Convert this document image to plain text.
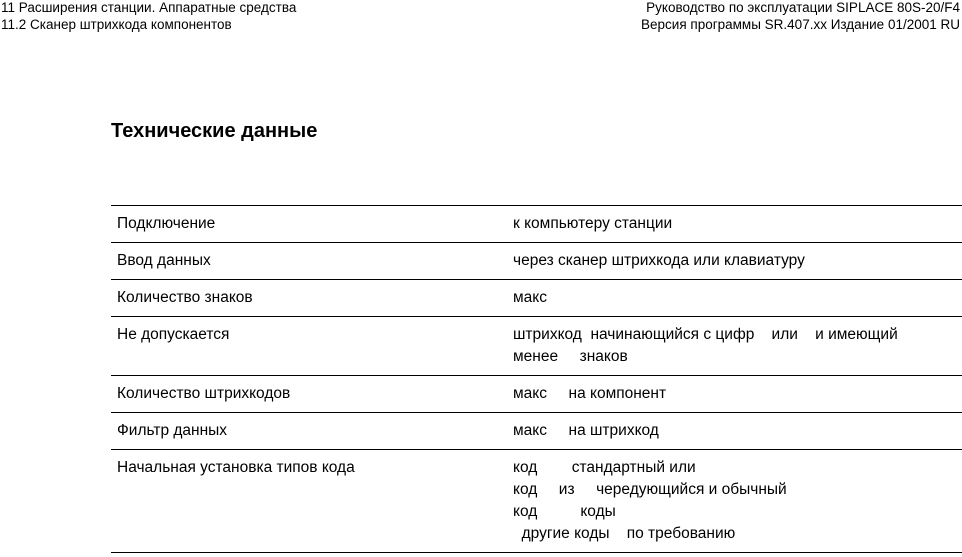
11 Расширения станции. Аппаратные средства
11.2 Сканер штрихкода компонентов
Руководство по эксплуатации SIPLACE 80S-20/F4
Версия программы SR.407.xx Издание 01/2001 RU
Технические данные
Подключение	к компьютеру станции
Ввод данных	через сканер штрихкода или клавиатуру
Количество знаков	макс
Не допускается	штрихкод  начинающийся с цифр    или    и имеющий
менее     знаков
Количество штрихкодов	макс     на компонент
Фильтр данных	макс     на штрихкод
Начальная установка типов кода	код        стандартный или
код     из     чередующийся и обычный
код          коды
другие коды    по требованию
